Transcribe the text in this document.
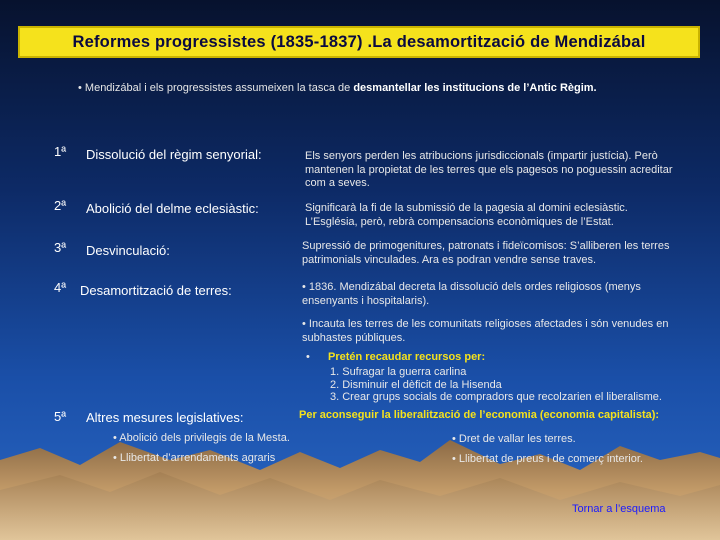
Reformes progressistes (1835-1837) .La desamortització de Mendizábal
• Mendizábal i els progressistes assumeixen la tasca de desmantellar les institucions de l’Antic Règim.
1ª Dissolució del règim senyorial:	Els senyors perden les atribucions jurisdiccionals (impartir justícia). Però
mantenen la propietat de les terres que els pagesos no poguessin acreditar
com a seves.
2ª Abolició del delme eclesiàstic:	Significarà la fi de la submissió de la pagesia al domini eclesiàstic.
L’Església, però, rebrà compensacions econòmiques de l’Estat.
3ª Desvinculació:	Supressió de primogenitures, patronats i fideïcomisos: S’alliberen les terres
patrimonials vinculades. Ara es podran vendre sense traves.
4ª Desamortització de terres:	• 1836. Mendizábal decreta la dissolució dels ordes religiosos (menys
ensenyants i hospitalaris).
• Incauta les terres de les comunitats religioses afectades i són venudes en
subhastes públiques.
• Pretén recaudar recursos per:
1. Sufragar la guerra carlina
2. Disminuir el dèficit de la Hisenda
3. Crear grups socials de compradors que recolzarien el liberalisme.
5ª Altres mesures legislatives:	Per aconseguir la liberalització de l’economia (economia capitalista):
• Abolició dels privilegis de la Mesta.
• Llibertat d’arrendaments agraris
• Dret de vallar les terres.
• Llibertat de preus i de comerç interior.
Tornar a l’esquema
